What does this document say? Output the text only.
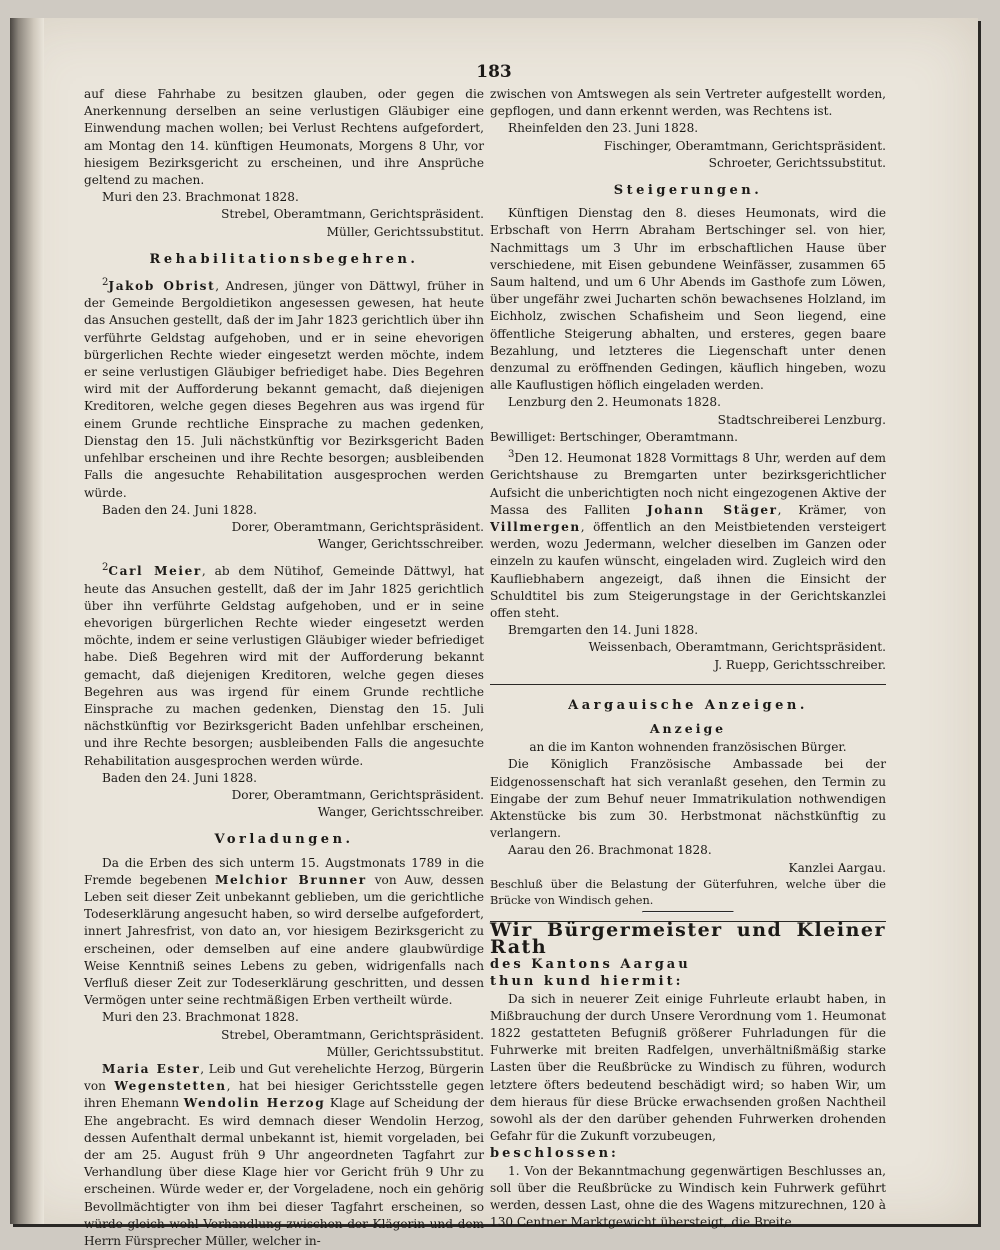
183

auf diese Fahrhabe zu besitzen glauben, oder gegen die Anerkennung derselben an seine verlustigen Gläubiger eine Einwendung machen wollen; bei Verlust Rechtens aufgefordert, am Montag den 14. künftigen Heumonats, Morgens 8 Uhr, vor hiesigem Bezirksgericht zu erscheinen, und ihre Ansprüche geltend zu machen.

Muri den 23. Brachmonat 1828.

Strebel, Oberamtmann, Gerichtspräsident.

Müller, Gerichtssubstitut.

Rehabilitationsbegehren.

$^2$Jakob Obrist, Andresen, jünger von Dättwyl, früher in der Gemeinde Bergoldietikon angesessen gewesen, hat heute das Ansuchen gestellt, daß der im Jahr 1823 gerichtlich über ihn verführte Geldstag aufgehoben, und er in seine ehevorigen bürgerlichen Rechte wieder eingesetzt werden möchte, indem er seine verlustigen Gläubiger befriediget habe. Dies Begehren wird mit der Aufforderung bekannt gemacht, daß diejenigen Kreditoren, welche gegen dieses Begehren aus was irgend für einem Grunde rechtliche Einsprache zu machen gedenken, Dienstag den 15. Juli nächstkünftig vor Bezirksgericht Baden unfehlbar erscheinen und ihre Rechte besorgen; ausbleibenden Falls die angesuchte Rehabilitation ausgesprochen werden würde.

Baden den 24. Juni 1828.

Dorer, Oberamtmann, Gerichtspräsident.

Wanger, Gerichtsschreiber.

$^2$Carl Meier, ab dem Nütihof, Gemeinde Dättwyl, hat heute das Ansuchen gestellt, daß der im Jahr 1825 gerichtlich über ihn verführte Geldstag aufgehoben, und er in seine ehevorigen bürgerlichen Rechte wieder eingesetzt werden möchte, indem er seine verlustigen Gläubiger wieder befriediget habe. Dieß Begehren wird mit der Aufforderung bekannt gemacht, daß diejenigen Kreditoren, welche gegen dieses Begehren aus was irgend für einem Grunde rechtliche Einsprache zu machen gedenken, Dienstag den 15. Juli nächstkünftig vor Bezirksgericht Baden unfehlbar erscheinen, und ihre Rechte besorgen; ausbleibenden Falls die angesuchte Rehabilitation ausgesprochen werden würde.

Baden den 24. Juni 1828.

Dorer, Oberamtmann, Gerichtspräsident.

Wanger, Gerichtsschreiber.

Vorladungen.

Da die Erben des sich unterm 15. Augstmonats 1789 in die Fremde begebenen Melchior Brunner von Auw, dessen Leben seit dieser Zeit unbekannt geblieben, um die gerichtliche Todeserklärung angesucht haben, so wird derselbe aufgefordert, innert Jahresfrist, von dato an, vor hiesigem Bezirksgericht zu erscheinen, oder demselben auf eine andere glaubwürdige Weise Kenntniß seines Lebens zu geben, widrigenfalls nach Verfluß dieser Zeit zur Todeserklärung geschritten, und dessen Vermögen unter seine rechtmäßigen Erben vertheilt würde.

Muri den 23. Brachmonat 1828.

Strebel, Oberamtmann, Gerichtspräsident.

Müller, Gerichtssubstitut.

Maria Ester, Leib und Gut verehelichte Herzog, Bürgerin von Wegenstetten, hat bei hiesiger Gerichtsstelle gegen ihren Ehemann Wendolin Herzog Klage auf Scheidung der Ehe angebracht. Es wird demnach dieser Wendolin Herzog, dessen Aufenthalt dermal unbekannt ist, hiemit vorgeladen, bei der am 25. August früh 9 Uhr angeordneten Tagfahrt zur Verhandlung über diese Klage hier vor Gericht früh 9 Uhr zu erscheinen. Würde weder er, der Vorgeladene, noch ein gehörig Bevollmächtigter von ihm bei dieser Tagfahrt erscheinen, so würde gleich wohl Verhandlung zwischen der Klägerin und dem Herrn Fürsprecher Müller, welcher in-

zwischen von Amtswegen als sein Vertreter aufgestellt worden, gepflogen, und dann erkennt werden, was Rechtens ist.

Rheinfelden den 23. Juni 1828.

Fischinger, Oberamtmann, Gerichtspräsident.

Schroeter, Gerichtssubstitut.

Steigerungen.

Künftigen Dienstag den 8. dieses Heumonats, wird die Erbschaft von Herrn Abraham Bertschinger sel. von hier, Nachmittags um 3 Uhr im erbschaftlichen Hause über verschiedene, mit Eisen gebundene Weinfässer, zusammen 65 Saum haltend, und um 6 Uhr Abends im Gasthofe zum Löwen, über ungefähr zwei Jucharten schön bewachsenes Holzland, im Eichholz, zwischen Schafisheim und Seon liegend, eine öffentliche Steigerung abhalten, und ersteres, gegen baare Bezahlung, und letzteres die Liegenschaft unter denen denzumal zu eröffnenden Gedingen, käuflich hingeben, wozu alle Kauflustigen höflich eingeladen werden.

Lenzburg den 2. Heumonats 1828.

Stadtschreiberei Lenzburg.

Bewilliget: Bertschinger, Oberamtmann.

$^3$Den 12. Heumonat 1828 Vormittags 8 Uhr, werden auf dem Gerichtshause zu Bremgarten unter bezirksgerichtlicher Aufsicht die unberichtigten noch nicht eingezogenen Aktive der Massa des Falliten Johann Stäger, Krämer, von Villmergen, öffentlich an den Meistbietenden versteigert werden, wozu Jedermann, welcher dieselben im Ganzen oder einzeln zu kaufen wünscht, eingeladen wird. Zugleich wird den Kaufliebhabern angezeigt, daß ihnen die Einsicht der Schuldtitel bis zum Steigerungstage in der Gerichtskanzlei offen steht.

Bremgarten den 14. Juni 1828.

Weissenbach, Oberamtmann, Gerichtspräsident.

J. Ruepp, Gerichtsschreiber.

Aargauische Anzeigen.
Anzeige

an die im Kanton wohnenden französischen Bürger.

Die Königlich Französische Ambassade bei der Eidgenossenschaft hat sich veranlaßt gesehen, den Termin zu Eingabe der zum Behuf neuer Immatrikulation nothwendigen Aktenstücke bis zum 30. Herbstmonat nächstkünftig zu verlangern.

Aarau den 26. Brachmonat 1828.

Kanzlei Aargau.

Beschluß über die Belastung der Güterfuhren, welche über die Brücke von Windisch gehen.

Wir Bürgermeister und Kleiner Rath

des Kantons Aargau

thun kund hiermit:

Da sich in neuerer Zeit einige Fuhrleute erlaubt haben, in Mißbrauchung der durch Unsere Verordnung vom 1. Heumonat 1822 gestatteten Befugniß größerer Fuhrladungen für die Fuhrwerke mit breiten Radfelgen, unverhältnißmäßig starke Lasten über die Reußbrücke zu Windisch zu führen, wodurch letztere öfters bedeutend beschädigt wird; so haben Wir, um dem hieraus für diese Brücke erwachsenden großen Nachtheil sowohl als der den darüber gehenden Fuhrwerken drohenden Gefahr für die Zukunft vorzubeugen,

beschlossen:

1. Von der Bekanntmachung gegenwärtigen Beschlusses an, soll über die Reußbrücke zu Windisch kein Fuhrwerk geführt werden, dessen Last, ohne die des Wagens mitzurechnen, 120 à 130 Centner Marktgewicht übersteigt, die Breite
